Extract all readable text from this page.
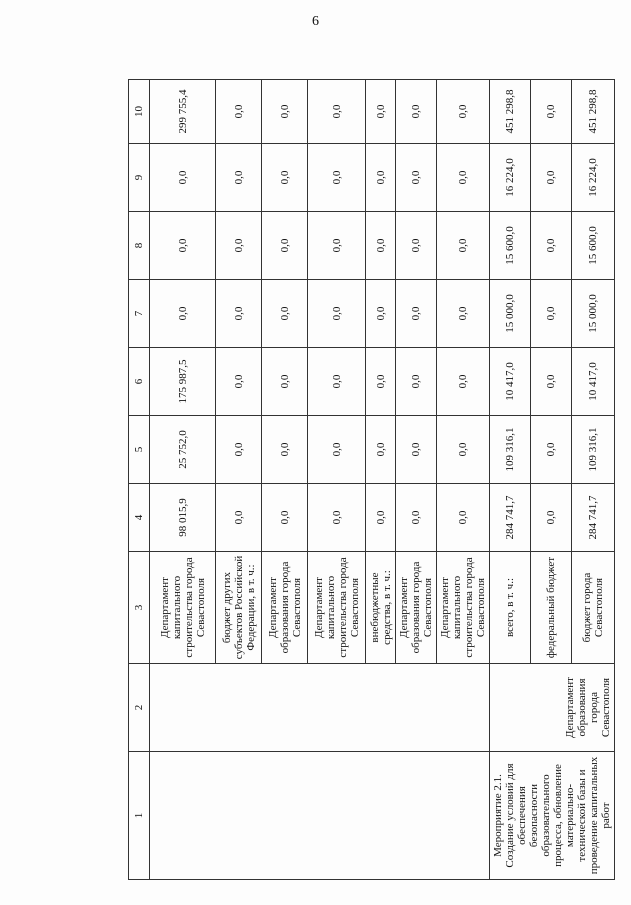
6
1	2	3	4	5	6	7	8	9	10
		Департамент капитального строительства города Севастополя	98 015,9	25 752,0	175 987,5	0,0	0,0	0,0	299 755,4
		бюджет других субъектов Российской Федерации, в т. ч.:	0,0	0,0	0,0	0,0	0,0	0,0	0,0
		Департамент образования города Севастополя	0,0	0,0	0,0	0,0	0,0	0,0	0,0
		Департамент капитального строительства города Севастополя	0,0	0,0	0,0	0,0	0,0	0,0	0,0
		внебюджетные средства, в т. ч.:	0,0	0,0	0,0	0,0	0,0	0,0	0,0
		Департамент образования города Севастополя	0,0	0,0	0,0	0,0	0,0	0,0	0,0
		Департамент капитального строительства города Севастополя	0,0	0,0	0,0	0,0	0,0	0,0	0,0
Мероприятие 2.1. Создание условий для обеспечения безопасности образовательного процесса, обновление материально-технической базы и проведение капитальных работ	Департамент образования города Севастополя	всего, в т. ч.:	284 741,7	109 316,1	10 417,0	15 000,0	15 600,0	16 224,0	451 298,8
		федеральный бюджет	0,0	0,0	0,0	0,0	0,0	0,0	0,0
		бюджет города Севастополя	284 741,7	109 316,1	10 417,0	15 000,0	15 600,0	16 224,0	451 298,8
